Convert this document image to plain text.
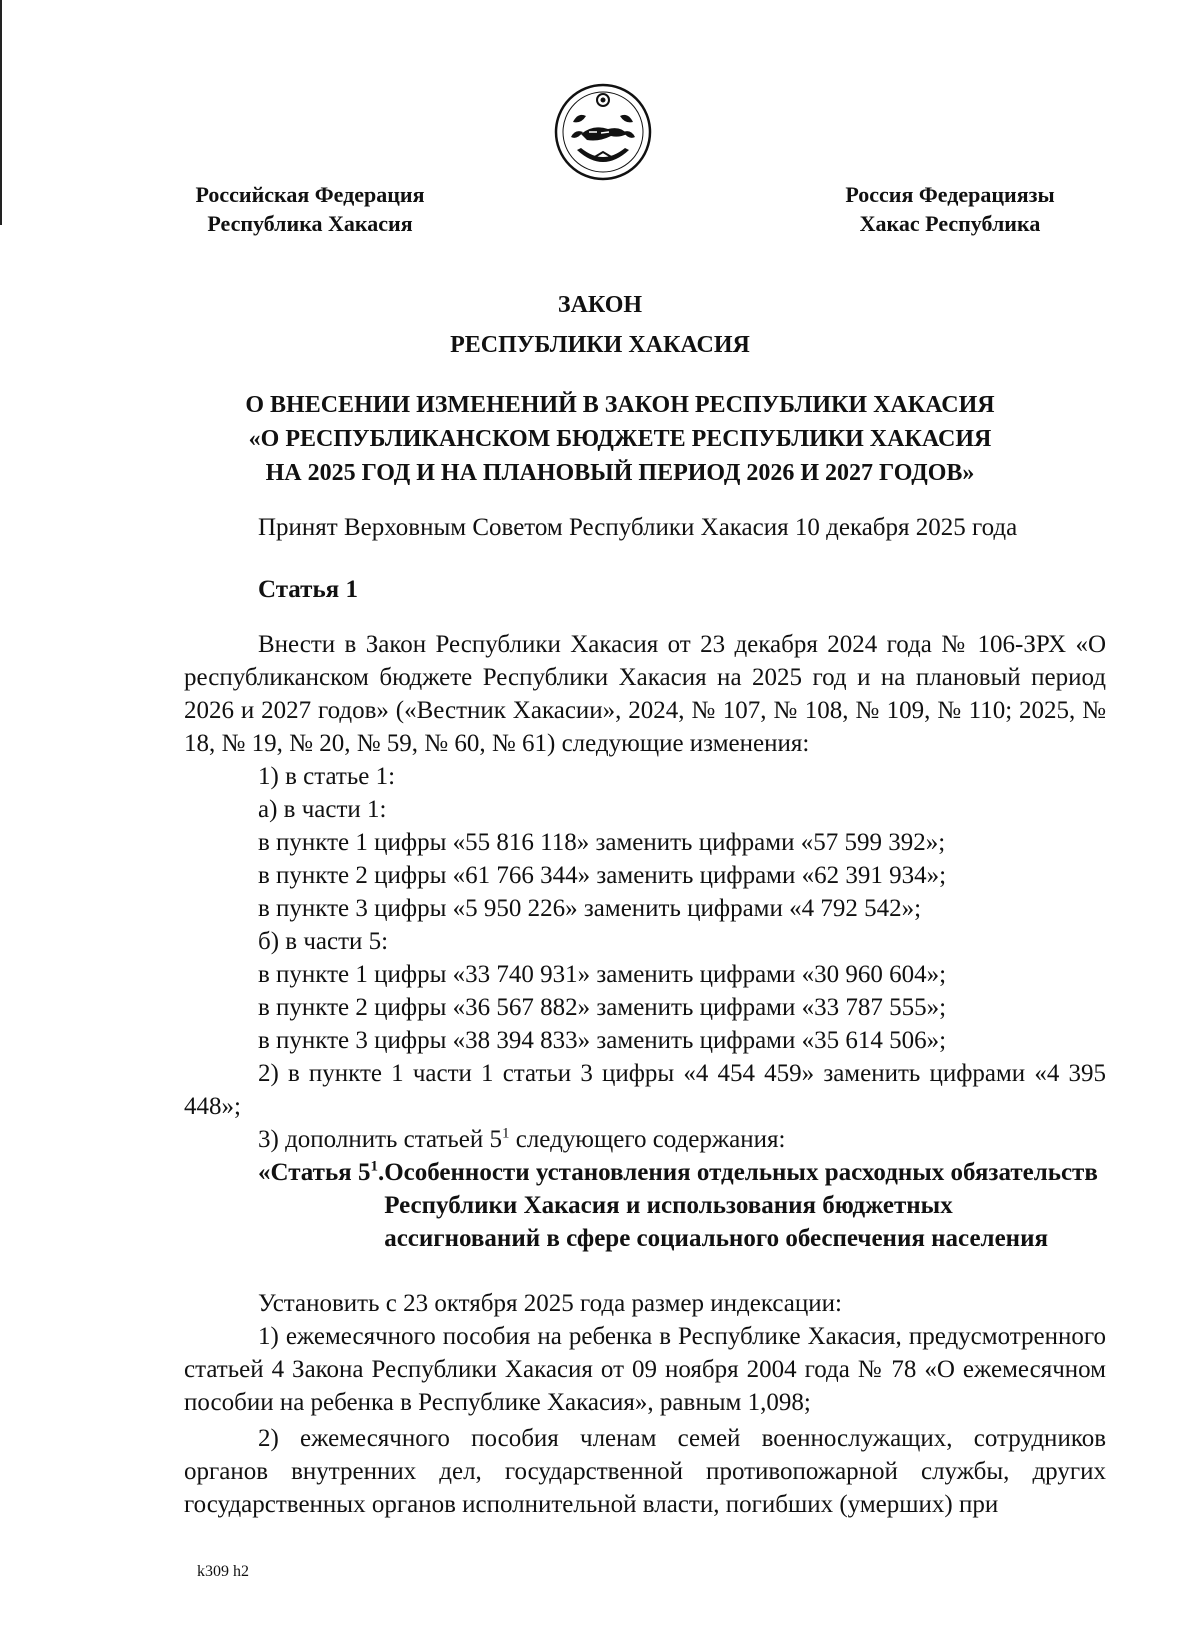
Российская Федерация
Республика Хакасия
Россия Федерациязы
Хакас Республика
ЗАКОН
РЕСПУБЛИКИ ХАКАСИЯ
О ВНЕСЕНИИ ИЗМЕНЕНИЙ В ЗАКОН РЕСПУБЛИКИ ХАКАСИЯ
«О РЕСПУБЛИКАНСКОМ БЮДЖЕТЕ РЕСПУБЛИКИ ХАКАСИЯ
НА 2025 ГОД И НА ПЛАНОВЫЙ ПЕРИОД 2026 И 2027 ГОДОВ»
Принят Верховным Советом Республики Хакасия 10 декабря 2025 года
Статья 1

Внести в Закон Республики Хакасия от 23 декабря 2024 года № 106-ЗРХ «О республиканском бюджете Республики Хакасия на 2025 год и на плановый период 2026 и 2027 годов» («Вестник Хакасии», 2024, № 107, № 108, № 109, № 110; 2025, № 18, № 19, № 20, № 59, № 60, № 61) следующие изменения:

1) в статье 1:

а) в части 1:

в пункте 1 цифры «55 816 118» заменить цифрами «57 599 392»;

в пункте 2 цифры «61 766 344» заменить цифрами «62 391 934»;

в пункте 3 цифры «5 950 226» заменить цифрами «4 792 542»;

б) в части 5:

в пункте 1 цифры «33 740 931» заменить цифрами «30 960 604»;

в пункте 2 цифры «36 567 882» заменить цифрами «33 787 555»;

в пункте 3 цифры «38 394 833» заменить цифрами «35 614 506»;

2) в пункте 1 части 1 статьи 3 цифры «4 454 459» заменить цифрами «4 395 448»;

3) дополнить статьей $5^1$ следующего содержания:

«Статья $5^1$. Особенности установления отдельных расходных обязательств Республики Хакасия и использования бюджетных ассигнований в сфере социального обеспечения населения

Установить с 23 октября 2025 года размер индексации:

1) ежемесячного пособия на ребенка в Республике Хакасия, предусмотренного статьей 4 Закона Республики Хакасия от 09 ноября 2004 года № 78 «О ежемесячном пособии на ребенка в Республике Хакасия», равным 1,098;

2) ежемесячного пособия членам семей военнослужащих, сотрудников органов внутренних дел, государственной противопожарной службы, других государственных органов исполнительной власти, погибших (умерших) при

k309 h2
